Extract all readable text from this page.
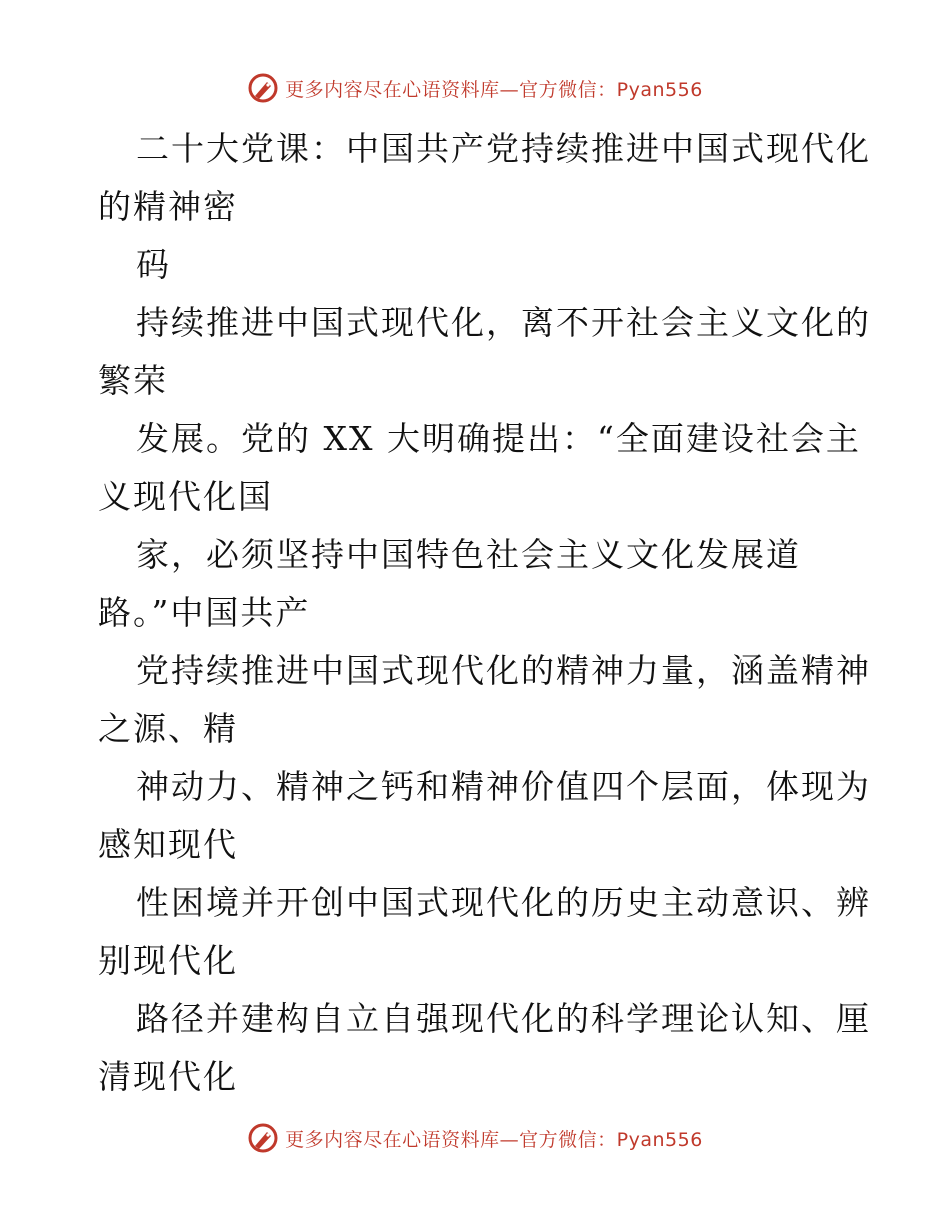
更多内容尽在心语资料库—官方微信：Pyan556
二十大党课：中国共产党持续推进中国式现代化
的精神密
码
持续推进中国式现代化，离不开社会主义文化的
繁荣
发展。党的 XX 大明确提出：“全面建设社会主
义现代化国
家，必须坚持中国特色社会主义文化发展道
路。”中国共产
党持续推进中国式现代化的精神力量，涵盖精神
之源、精
神动力、精神之钙和精神价值四个层面，体现为
感知现代
性困境并开创中国式现代化的历史主动意识、辨
别现代化
路径并建构自立自强现代化的科学理论认知、厘
清现代化
更多内容尽在心语资料库—官方微信：Pyan556
